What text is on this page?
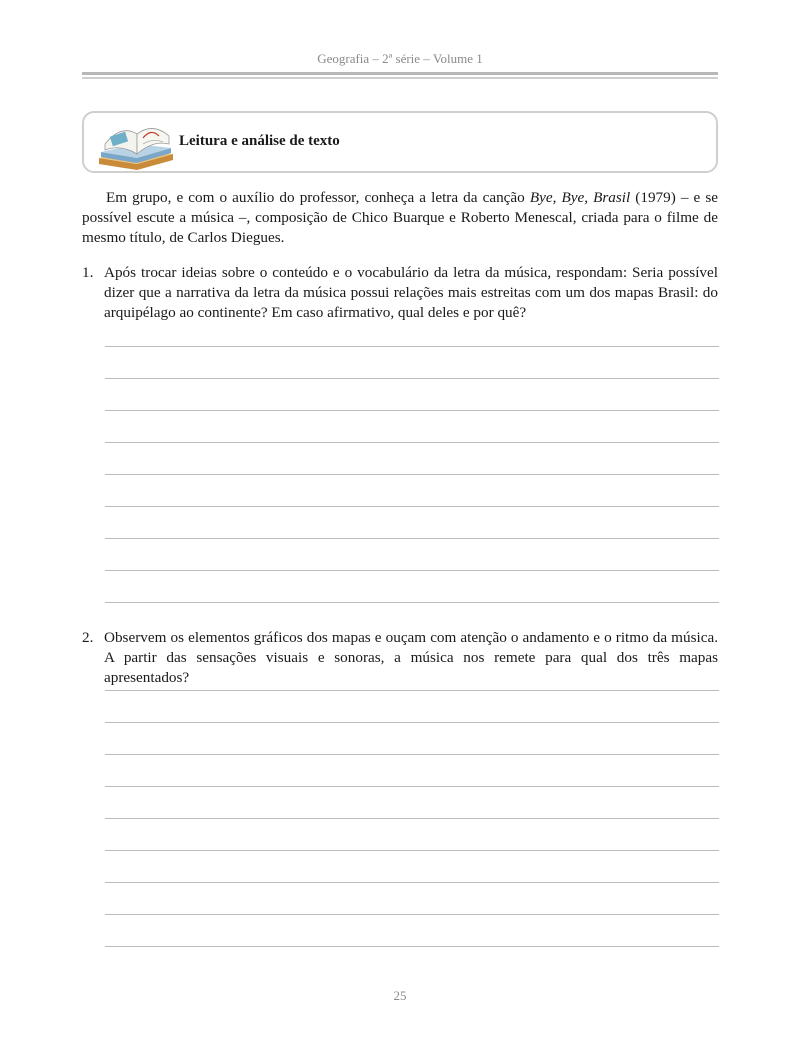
Geografia – 2ª série – Volume 1
Leitura e análise de texto

Em grupo, e com o auxílio do professor, conheça a letra da canção Bye, Bye, Brasil (1979) – e se possível escute a música –, composição de Chico Buarque e Roberto Menescal, criada para o filme de mesmo título, de Carlos Diegues.

1. Após trocar ideias sobre o conteúdo e o vocabulário da letra da música, respondam: Seria possível dizer que a narrativa da letra da música possui relações mais estreitas com um dos mapas Brasil: do arquipélago ao continente? Em caso afirmativo, qual deles e por quê?
2. Observem os elementos gráficos dos mapas e ouçam com atenção o andamento e o ritmo da música. A partir das sensações visuais e sonoras, a música nos remete para qual dos três mapas apresentados?
25
